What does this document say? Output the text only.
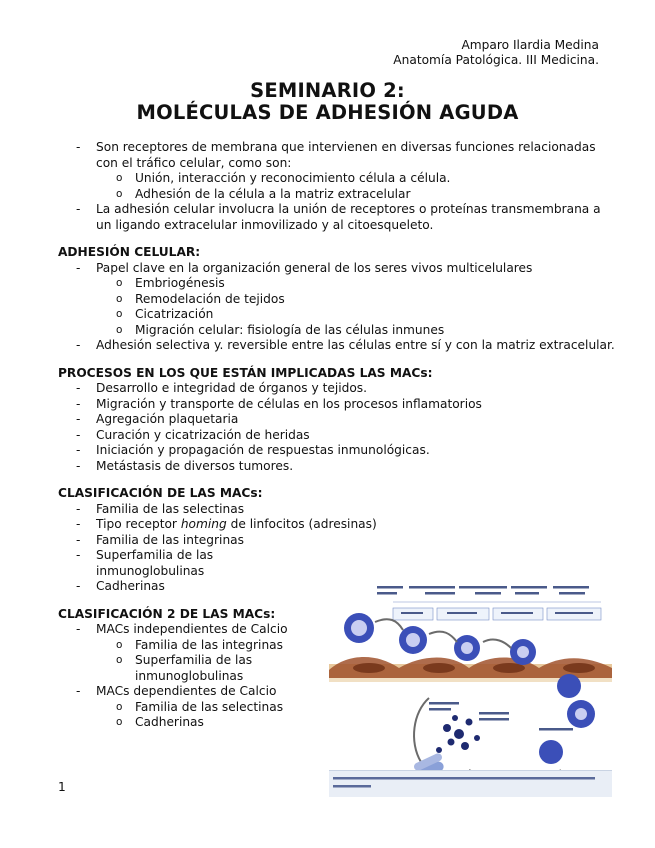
Amparo Ilardia Medina
Anatomía Patológica. III Medicina.
SEMINARIO 2:
MOLÉCULAS DE ADHESIÓN AGUDA
- Son receptores de membrana que intervienen en diversas funciones relacionadas con el tráfico celular, como son:
o Unión, interacción y reconocimiento célula a célula.
o Adhesión de la célula a la matriz extracelular
- La adhesión celular involucra la unión de receptores o proteínas transmembrana a un ligando extracelular inmovilizado y al citoesqueleto.
ADHESIÓN CELULAR:
- Papel clave en la organización general de los seres vivos multicelulares
o Embriogénesis
o Remodelación de tejidos
o Cicatrización
o Migración celular: fisiología de las células inmunes
- Adhesión selectiva y. reversible entre las células entre sí y con la matriz extracelular.
PROCESOS EN LOS QUE ESTÁN IMPLICADAS LAS MACs:
- Desarrollo e integridad de órganos y tejidos.
- Migración y transporte de células en los procesos inflamatorios
- Agregación plaquetaria
- Curación y cicatrización de heridas
- Iniciación y propagación de respuestas inmunológicas.
- Metástasis de diversos tumores.
CLASIFICACIÓN DE LAS MACs:
- Familia de las selectinas
- Tipo receptor homing de linfocitos (adresinas)
- Familia de las integrinas
- Superfamilia de las inmunoglobulinas
- Cadherinas
CLASIFICACIÓN 2 DE LAS MACs:
- MACs independientes de Calcio
o Familia de las integrinas
o Superfamilia de las inmunoglobulinas
- MACs dependientes de Calcio
o Familia de las selectinas
o Cadherinas
1
